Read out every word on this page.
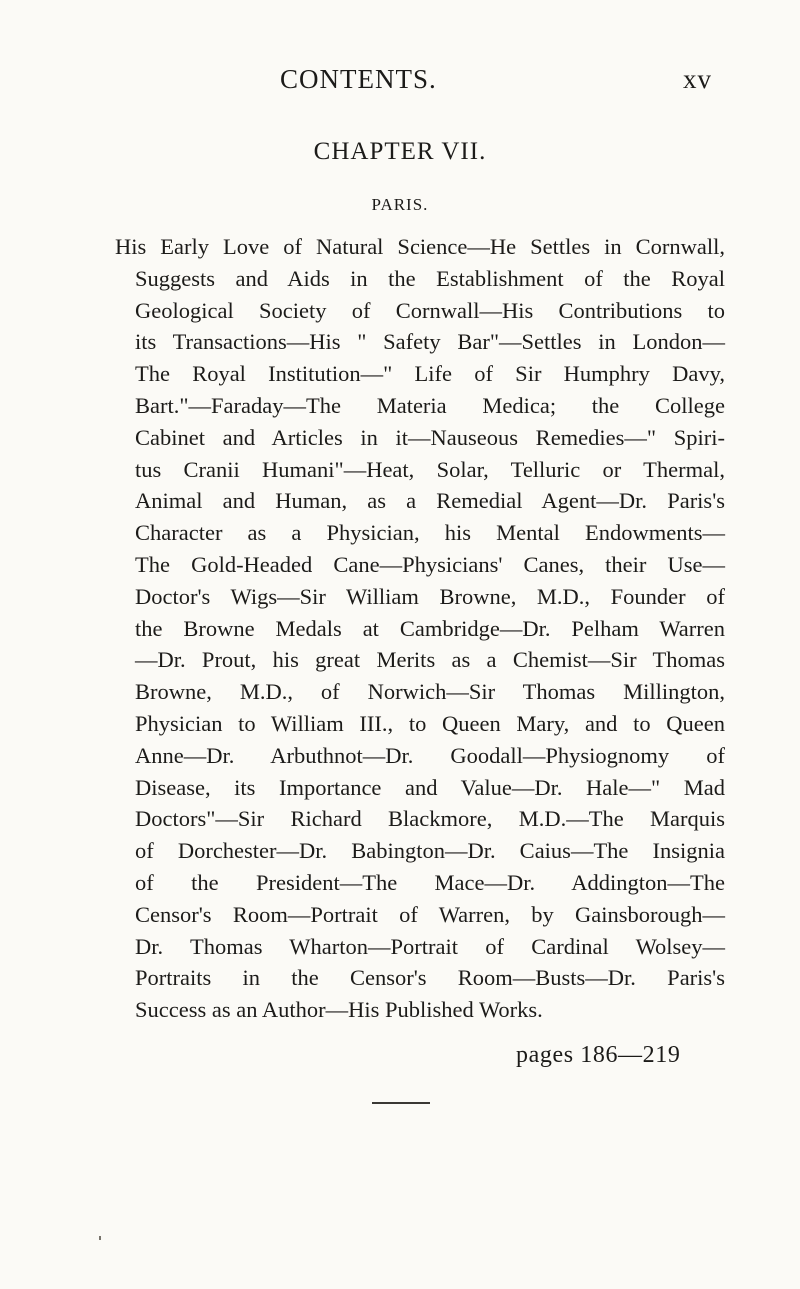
CONTENTS.	xv
CHAPTER VII.
PARIS.
His Early Love of Natural Science—He Settles in Cornwall,
Suggests and Aids in the Establishment of the Royal
Geological Society of Cornwall—His Contributions to
its Transactions—His " Safety Bar"—Settles in London—
The Royal Institution—" Life of Sir Humphry Davy,
Bart."—Faraday—The Materia Medica; the College
Cabinet and Articles in it—Nauseous Remedies—" Spiri-
tus Cranii Humani"—Heat, Solar, Telluric or Thermal,
Animal and Human, as a Remedial Agent—Dr. Paris's
Character as a Physician, his Mental Endowments—
The Gold-Headed Cane—Physicians' Canes, their Use—
Doctor's Wigs—Sir William Browne, M.D., Founder of
the Browne Medals at Cambridge—Dr. Pelham Warren
—Dr. Prout, his great Merits as a Chemist—Sir Thomas
Browne, M.D., of Norwich—Sir Thomas Millington,
Physician to William III., to Queen Mary, and to Queen
Anne—Dr. Arbuthnot—Dr. Goodall—Physiognomy of
Disease, its Importance and Value—Dr. Hale—" Mad
Doctors"—Sir Richard Blackmore, M.D.—The Marquis
of Dorchester—Dr. Babington—Dr. Caius—The Insignia
of the President—The Mace—Dr. Addington—The
Censor's Room—Portrait of Warren, by Gainsborough—
Dr. Thomas Wharton—Portrait of Cardinal Wolsey—
Portraits in the Censor's Room—Busts—Dr. Paris's
Success as an Author—His Published Works.
pages 186—219
